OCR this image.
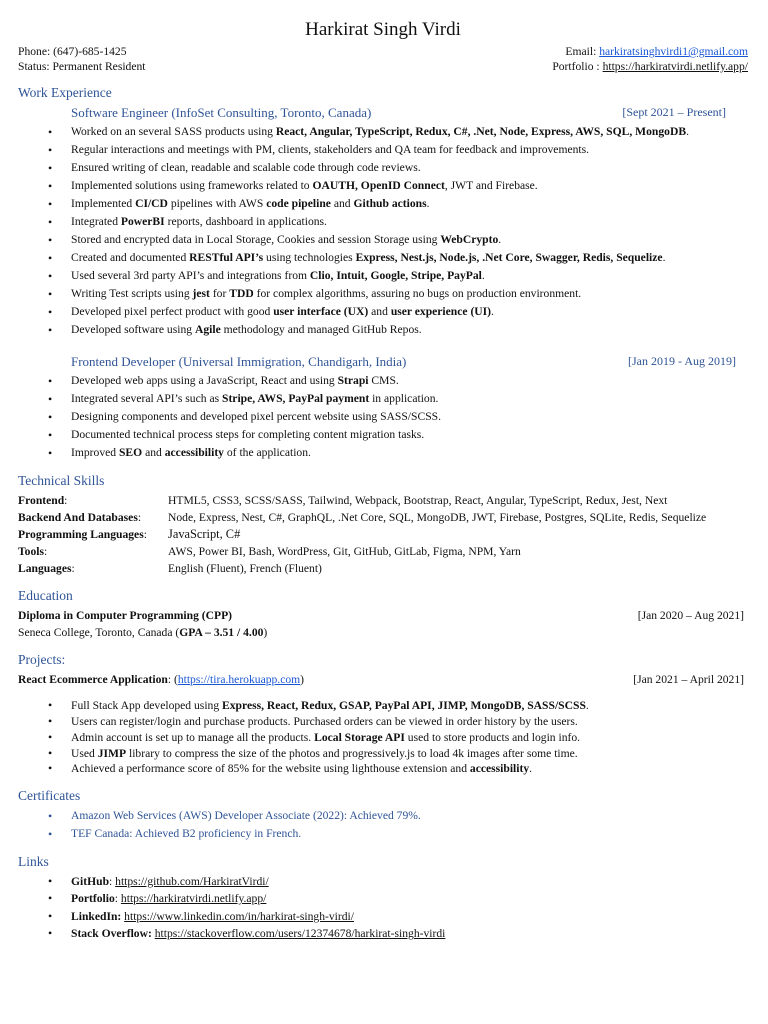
Harkirat Singh Virdi
Phone: (647)-685-1425
Status: Permanent Resident
Email: harkiratsinghvirdi1@gmail.com
Portfolio : https://harkiratvirdi.netlify.app/
Work Experience
Software Engineer (InfoSet Consulting, Toronto, Canada)	[Sept 2021 – Present]
• Worked on an several SASS products using React, Angular, TypeScript, Redux, C#, .Net, Node, Express, AWS, SQL, MongoDB.
• Regular interactions and meetings with PM, clients, stakeholders and QA team for feedback and improvements.
• Ensured writing of clean, readable and scalable code through code reviews.
• Implemented solutions using frameworks related to OAUTH, OpenID Connect, JWT and Firebase.
• Implemented CI/CD pipelines with AWS code pipeline and Github actions.
• Integrated PowerBI reports, dashboard in applications.
• Stored and encrypted data in Local Storage, Cookies and session Storage using WebCrypto.
• Created and documented RESTful API’s using technologies Express, Nest.js, Node.js, .Net Core, Swagger, Redis, Sequelize.
• Used several 3rd party API’s and integrations from Clio, Intuit, Google, Stripe, PayPal.
• Writing Test scripts using jest for TDD for complex algorithms, assuring no bugs on production environment.
• Developed pixel perfect product with good user interface (UX) and user experience (UI).
• Developed software using Agile methodology and managed GitHub Repos.
Frontend Developer (Universal Immigration, Chandigarh, India)	[Jan 2019 - Aug 2019]
• Developed web apps using a JavaScript, React and using Strapi CMS.
• Integrated several API’s such as Stripe, AWS, PayPal payment in application.
• Designing components and developed pixel percent website using SASS/SCSS.
• Documented technical process steps for completing content migration tasks.
• Improved SEO and accessibility of the application.
Technical Skills
Frontend:	HTML5, CSS3, SCSS/SASS, Tailwind, Webpack, Bootstrap, React, Angular, TypeScript, Redux, Jest, Next
Backend And Databases:	Node, Express, Nest, C#, GraphQL, .Net Core, SQL, MongoDB, JWT, Firebase, Postgres, SQLite, Redis, Sequelize
Programming Languages:	JavaScript, C#
Tools:	AWS, Power BI, Bash, WordPress, Git, GitHub, GitLab, Figma, NPM, Yarn
Languages:	English (Fluent), French (Fluent)
Education
Diploma in Computer Programming (CPP)	[Jan 2020 – Aug 2021]
Seneca College, Toronto, Canada (GPA – 3.51 / 4.00)
Projects:
React Ecommerce Application: (https://tira.herokuapp.com)	[Jan 2021 – April 2021]
• Full Stack App developed using Express, React, Redux, GSAP, PayPal API, JIMP, MongoDB, SASS/SCSS.
• Users can register/login and purchase products. Purchased orders can be viewed in order history by the users.
• Admin account is set up to manage all the products. Local Storage API used to store products and login info.
• Used JIMP library to compress the size of the photos and progressively.js to load 4k images after some time.
• Achieved a performance score of 85% for the website using lighthouse extension and accessibility.
Certificates
• Amazon Web Services (AWS) Developer Associate (2022): Achieved 79%.
• TEF Canada: Achieved B2 proficiency in French.
Links
• GitHub: https://github.com/HarkiratVirdi/
• Portfolio: https://harkiratvirdi.netlify.app/
• LinkedIn: https://www.linkedin.com/in/harkirat-singh-virdi/
• Stack Overflow: https://stackoverflow.com/users/12374678/harkirat-singh-virdi
